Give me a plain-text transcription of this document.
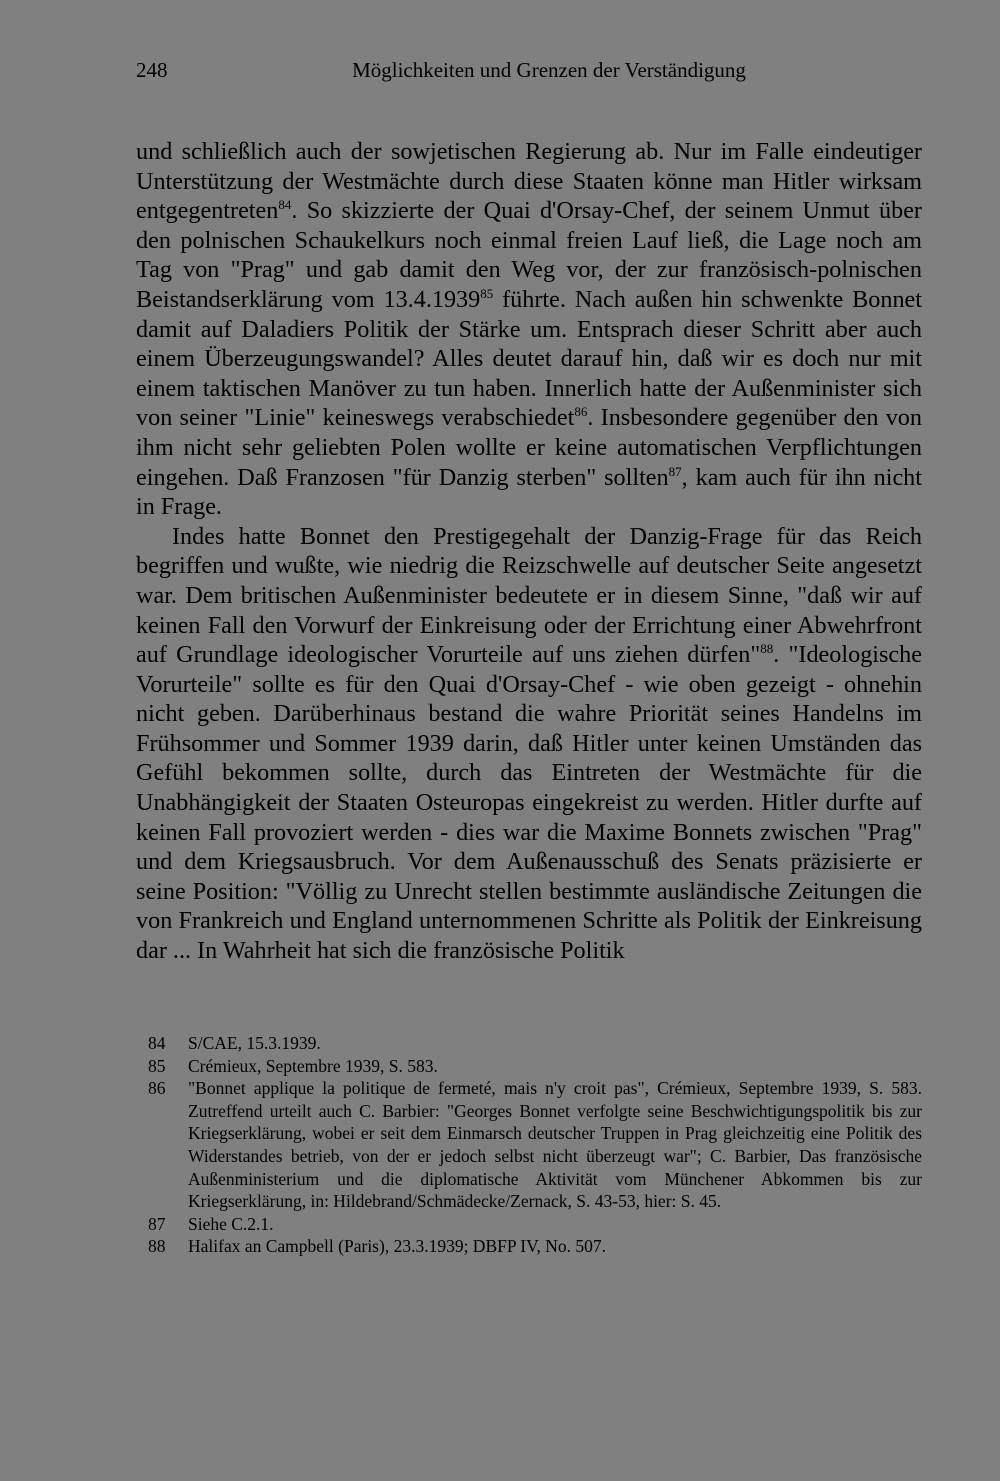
248	Möglichkeiten und Grenzen der Verständigung

und schließlich auch der sowjetischen Regierung ab. Nur im Falle eindeutiger Unterstützung der Westmächte durch diese Staaten könne man Hitler wirksam entgegentreten$^{84}$. So skizzierte der Quai d'Orsay-Chef, der seinem Unmut über den polnischen Schaukelkurs noch einmal freien Lauf ließ, die Lage noch am Tag von "Prag" und gab damit den Weg vor, der zur französisch-polnischen Beistandserklärung vom 13.4.1939$^{85}$ führte. Nach außen hin schwenkte Bonnet damit auf Daladiers Politik der Stärke um. Entsprach dieser Schritt aber auch einem Überzeugungswandel? Alles deutet darauf hin, daß wir es doch nur mit einem taktischen Manöver zu tun haben. Innerlich hatte der Außenminister sich von seiner "Linie" keineswegs verabschiedet$^{86}$. Insbesondere gegenüber den von ihm nicht sehr geliebten Polen wollte er keine automatischen Verpflichtungen eingehen. Daß Franzosen "für Danzig sterben" sollten$^{87}$, kam auch für ihn nicht in Frage.

Indes hatte Bonnet den Prestigegehalt der Danzig-Frage für das Reich begriffen und wußte, wie niedrig die Reizschwelle auf deutscher Seite angesetzt war. Dem britischen Außenminister bedeutete er in diesem Sinne, "daß wir auf keinen Fall den Vorwurf der Einkreisung oder der Errichtung einer Abwehrfront auf Grundlage ideologischer Vorurteile auf uns ziehen dürfen"$^{88}$. "Ideologische Vorurteile" sollte es für den Quai d'Orsay-Chef - wie oben gezeigt - ohnehin nicht geben. Darüberhinaus bestand die wahre Priorität seines Handelns im Frühsommer und Sommer 1939 darin, daß Hitler unter keinen Umständen das Gefühl bekommen sollte, durch das Eintreten der Westmächte für die Unabhängigkeit der Staaten Osteuropas eingekreist zu werden. Hitler durfte auf keinen Fall provoziert werden - dies war die Maxime Bonnets zwischen "Prag" und dem Kriegsausbruch. Vor dem Außenausschuß des Senats präzisierte er seine Position: "Völlig zu Unrecht stellen bestimmte ausländische Zeitungen die von Frankreich und England unternommenen Schritte als Politik der Einkreisung dar ... In Wahrheit hat sich die französische Politik

84	S/CAE, 15.3.1939.
85	Crémieux, Septembre 1939, S. 583.
86	"Bonnet applique la politique de fermeté, mais n'y croit pas", Crémieux, Septembre 1939, S. 583. Zutreffend urteilt auch C. Barbier: "Georges Bonnet verfolgte seine Beschwichtigungspolitik bis zur Kriegserklärung, wobei er seit dem Einmarsch deutscher Truppen in Prag gleichzeitig eine Politik des Widerstandes betrieb, von der er jedoch selbst nicht überzeugt war"; C. Barbier, Das französische Außenministerium und die diplomatische Aktivität vom Münchener Abkommen bis zur Kriegserklärung, in: Hildebrand/Schmädecke/Zernack, S. 43-53, hier: S. 45.
87	Siehe C.2.1.
88	Halifax an Campbell (Paris), 23.3.1939; DBFP IV, No. 507.
